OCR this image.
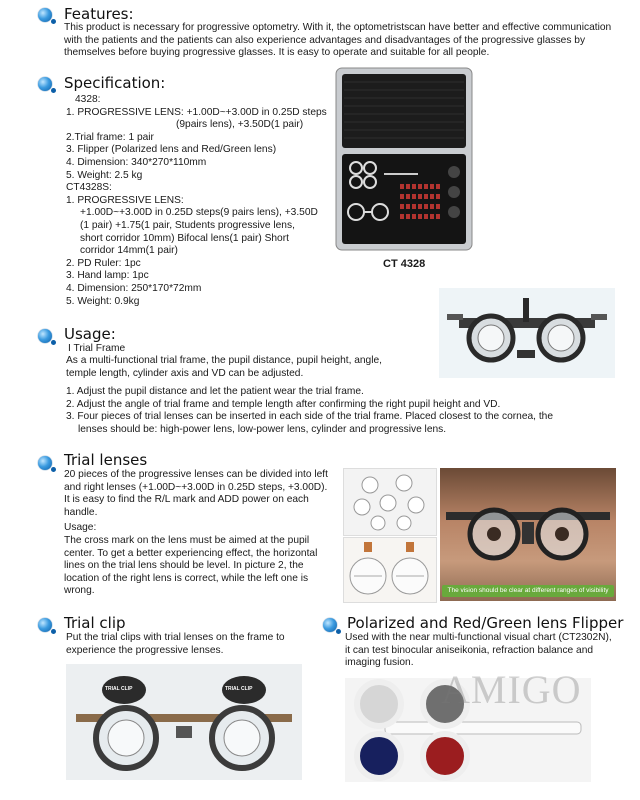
Features:
This product is necessary for progressive optometry. With it, the optometristscan have better and effective communication with the patients and the patients can also experience advantages and disadvantages of the progressive glasses by themselves before buying progressive glasses. It is easy to operate and suitable for all people.
Specification:
4328:
1. PROGRESSIVE LENS: +1.00D~+3.00D in 0.25D steps
(9pairs lens), +3.50D(1 pair)
2.Trial frame: 1 pair
3. Flipper (Polarized lens and Red/Green lens)
4. Dimension: 340*270*110mm
5. Weight: 2.5 kg
CT4328S:
1. PROGRESSIVE LENS:
+1.00D~+3.00D in 0.25D steps(9 pairs lens), +3.50D
(1 pair) +1.75(1 pair, Students progressive lens,
short corridor 10mm) Bifocal lens(1 pair) Short
corridor 14mm(1 pair)
2. PD Ruler: 1pc
3. Hand lamp: 1pc
4. Dimension: 250*170*72mm
5. Weight: 0.9kg
CT 4328
Usage:
I Trial Frame
As a multi-functional trial frame, the pupil distance, pupil height, angle, temple length, cylinder axis and VD can be adjusted.
1. Adjust the pupil distance and let the patient wear the trial frame.
2. Adjust the angle of trial frame and temple length after confirming the right pupil height and VD.
3. Four pieces of trial lenses can be inserted in each side of the trial frame. Placed closest to the cornea, the
lenses should be: high-power lens, low-power lens, cylinder and progressive lens.
Trial lenses
20 pieces of the progressive lenses can be divided into left and right lenses (+1.00D~+3.00D in 0.25D steps, +3.00D). It is easy to find the R/L mark and ADD power on each handle.
Usage:
The cross mark on the lens must be aimed at the pupil center. To get a better experiencing effect, the horizontal lines on the trial lens should be level. In picture 2, the location of the right lens is correct, while the left one is wrong.	The vision should be clear at different ranges of visibility
Trial clip
Put the trial clips with trial lenses on the frame to experience the progressive lenses.
TRIAL CLIP	TRIAL CLIP
Polarized and Red/Green lens Flipper
Used with the near multi-functional visual chart (CT2302N), it can test binocular aniseikonia, refraction balance and imaging fusion.
AMIGO
